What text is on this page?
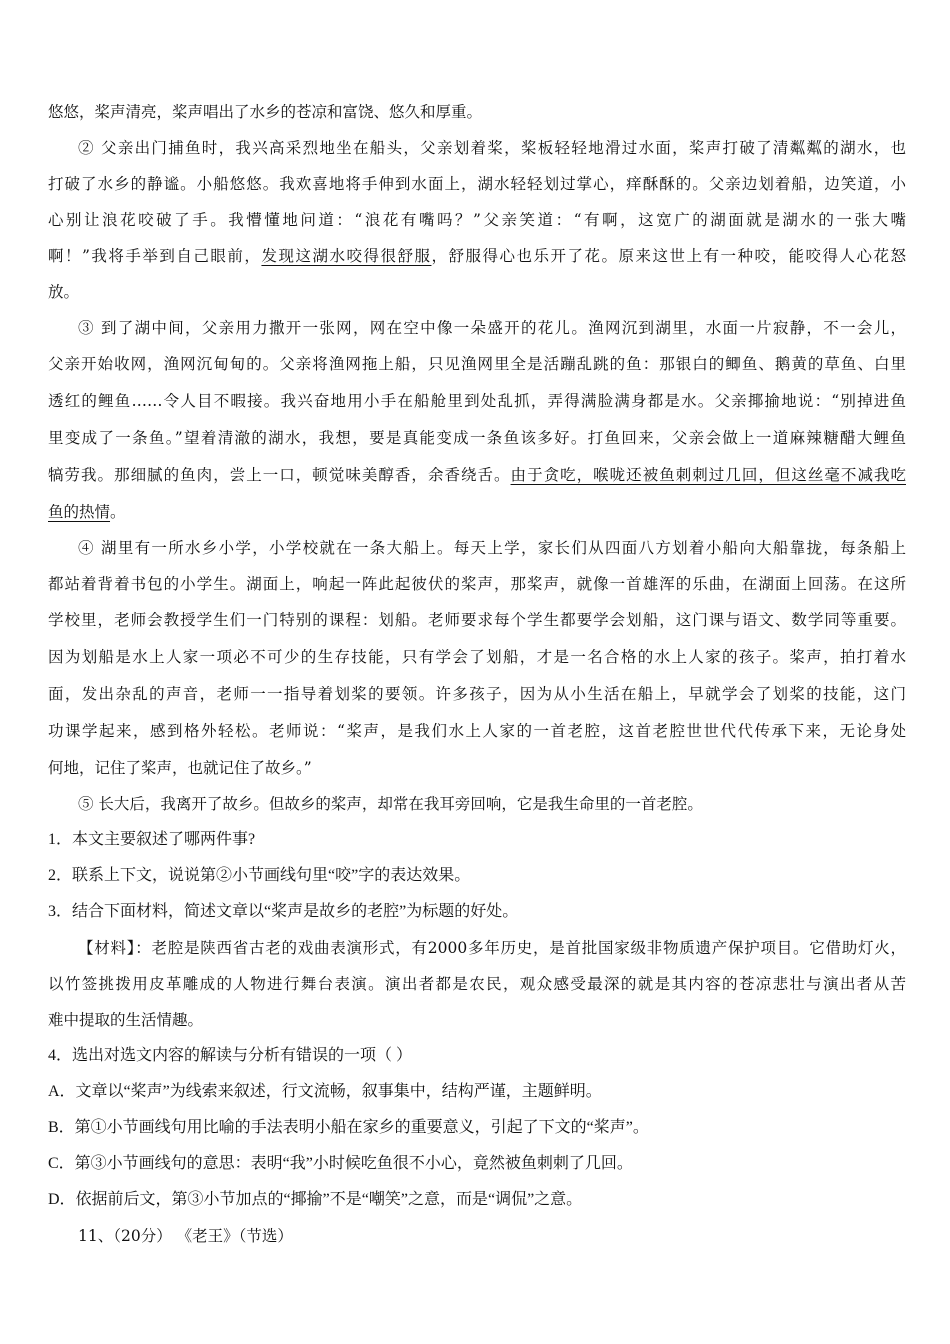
悠悠，桨声清亮，桨声唱出了水乡的苍凉和富饶、悠久和厚重。
② 父亲出门捕鱼时，我兴高采烈地坐在船头，父亲划着桨，桨板轻轻地滑过水面，桨声打破了清粼粼的湖水，也
打破了水乡的静谧。小船悠悠。我欢喜地将手伸到水面上，湖水轻轻划过掌心，痒酥酥的。父亲边划着船，边笑道，小
心别让浪花咬破了手。我懵懂地问道：“浪花有嘴吗？”父亲笑道：“有啊，这宽广的湖面就是湖水的一张大嘴
啊！”我将手举到自己眼前，发现这湖水咬得很舒服，舒服得心也乐开了花。原来这世上有一种咬，能咬得人心花怒
放。
③ 到了湖中间，父亲用力撒开一张网，网在空中像一朵盛开的花儿。渔网沉到湖里，水面一片寂静，不一会儿，
父亲开始收网，渔网沉甸甸的。父亲将渔网拖上船，只见渔网里全是活蹦乱跳的鱼：那银白的鲫鱼、鹅黄的草鱼、白里
透红的鲤鱼……令人目不暇接。我兴奋地用小手在船舱里到处乱抓，弄得满脸满身都是水。父亲揶揄地说：“别掉进鱼
里变成了一条鱼。”望着清澈的湖水，我想，要是真能变成一条鱼该多好。打鱼回来，父亲会做上一道麻辣糖醋大鲤鱼
犒劳我。那细腻的鱼肉，尝上一口，顿觉味美醇香，余香绕舌。由于贪吃，喉咙还被鱼刺刺过几回，但这丝毫不减我吃
鱼的热情。
④ 湖里有一所水乡小学，小学校就在一条大船上。每天上学，家长们从四面八方划着小船向大船靠拢，每条船上
都站着背着书包的小学生。湖面上，响起一阵此起彼伏的桨声，那桨声，就像一首雄浑的乐曲，在湖面上回荡。在这所
学校里，老师会教授学生们一门特别的课程：划船。老师要求每个学生都要学会划船，这门课与语文、数学同等重要。
因为划船是水上人家一项必不可少的生存技能，只有学会了划船，才是一名合格的水上人家的孩子。桨声，拍打着水
面，发出杂乱的声音，老师一一指导着划桨的要领。许多孩子，因为从小生活在船上，早就学会了划桨的技能，这门
功课学起来，感到格外轻松。老师说：“桨声，是我们水上人家的一首老腔，这首老腔世世代代传承下来，无论身处
何地，记住了桨声，也就记住了故乡。”
⑤ 长大后，我离开了故乡。但故乡的桨声，却常在我耳旁回响，它是我生命里的一首老腔。
1．本文主要叙述了哪两件事?
2．联系上下文，说说第②小节画线句里“咬”字的表达效果。
3．结合下面材料，简述文章以“桨声是故乡的老腔”为标题的好处。
【材料】：老腔是陕西省古老的戏曲表演形式，有2000多年历史，是首批国家级非物质遗产保护项目。它借助灯火，
以竹签挑拨用皮革雕成的人物进行舞台表演。演出者都是农民，观众感受最深的就是其内容的苍凉悲壮与演出者从苦
难中提取的生活情趣。
4．选出对选文内容的解读与分析有错误的一项（ ）
A．文章以“桨声”为线索来叙述，行文流畅，叙事集中，结构严谨，主题鲜明。
B．第①小节画线句用比喻的手法表明小船在家乡的重要意义，引起了下文的“桨声”。
C．第③小节画线句的意思：表明“我”小时候吃鱼很不小心，竟然被鱼刺刺了几回。
D．依据前后文，第③小节加点的“揶揄”不是“嘲笑”之意，而是“调侃”之意。
11、（20分） 《老王》（节选）
